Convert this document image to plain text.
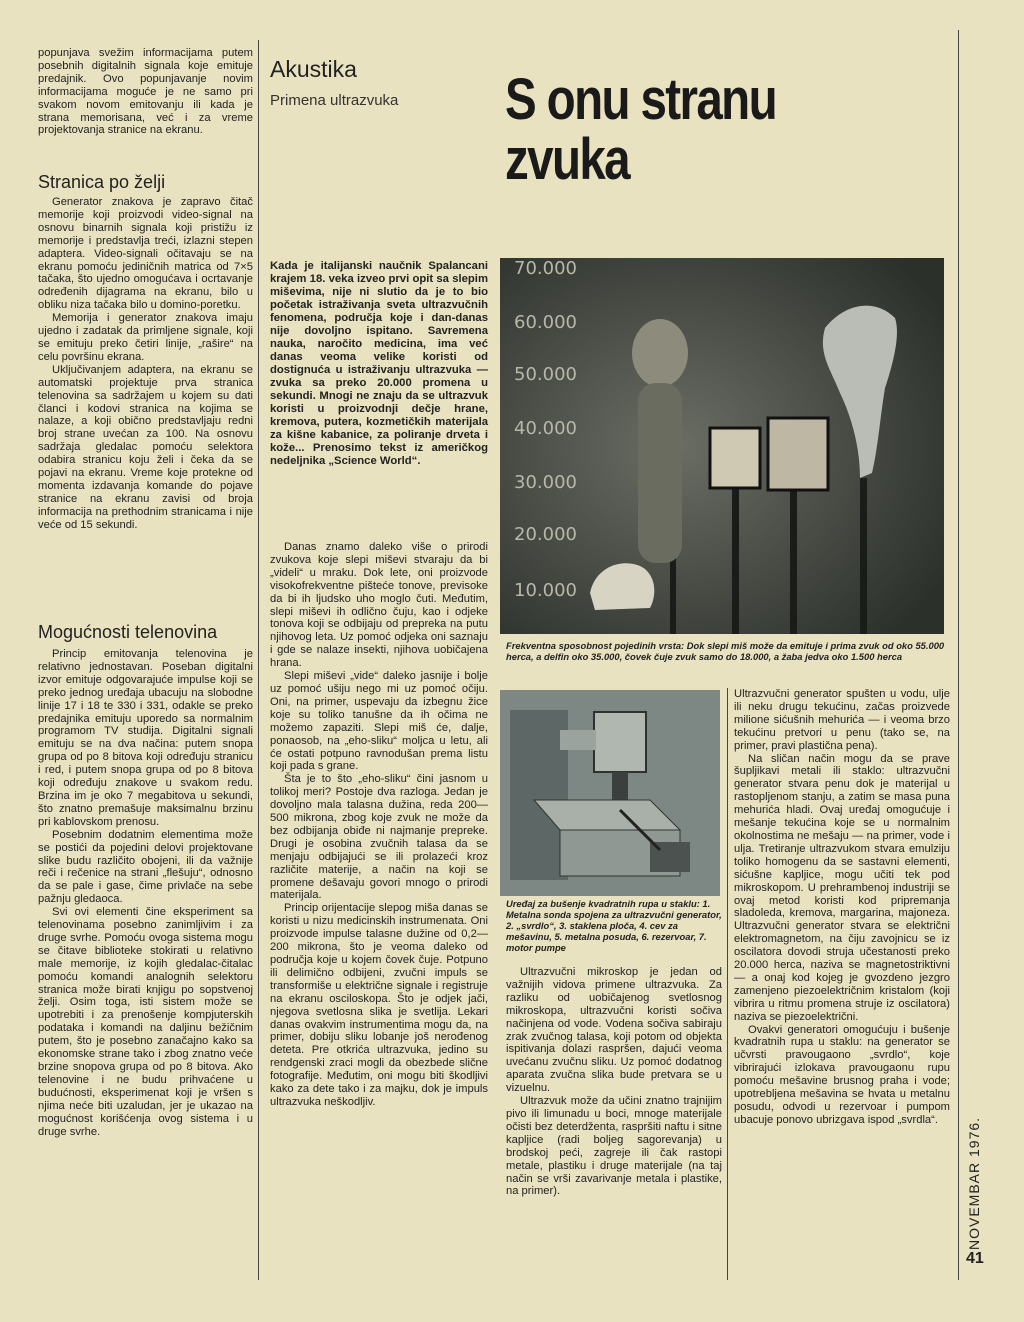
popunjava svežim informacijama putem posebnih digitalnih signala koje emituje predajnik. Ovo popunjavanje novim informacijama moguće je ne samo pri svakom novom emitovanju ili kada je strana memorisana, već i za vreme projektovanja stranice na ekranu.

Stranica po želji

Generator znakova je zapravo čitač memorije koji proizvodi video-signal na osnovu binarnih signala koji pristižu iz memorije i predstavlja treći, izlazni stepen adaptera. Video-signali očitavaju se na ekranu pomoću jediničnih matrica od 7×5 tačaka, što ujedno omogućava i ocrtavanje određenih dijagrama na ekranu, bilo u obliku niza tačaka bilo u domino-poretku.

Memorija i generator znakova imaju ujedno i zadatak da primljene signale, koji se emituju preko četiri linije, „raširе“ na celu površinu ekrana.

Uključivanjem adaptera, na ekranu se automatski projektuje prva stranica telenovina sa sadržajem u kojem su dati članci i kodovi stranica na kojima se nalaze, a koji obično predstavljaju redni broj strane uvećan za 100. Na osnovu sadržaja gledalac pomoću selektora odabira stranicu koju želi i čeka da se pojavi na ekranu. Vreme koje protekne od momenta izdavanja komande do pojave stranice na ekranu zavisi od broja informacija na prethodnim stranicama i nije veće od 15 sekundi.

Mogućnosti telenovina

Princip emitovanja telenovina je relativno jednostavan. Poseban digitalni izvor emituje odgovarajuće impulse koji se preko jednog uređaja ubacuju na slobodne linije 17 i 18 te 330 i 331, odakle se preko predajnika emituju uporedo sa normalnim programom TV studija. Digitalni signali emituju se na dva načina: putem snopa grupa od po 8 bitova koji određuju stranicu i red, i putem snopa grupa od po 8 bitova koji određuju znakove u svakom redu. Brzina im je oko 7 megabitova u sekundi, što znatno premašuje maksimalnu brzinu pri kablovskom prenosu.

Posebnim dodatnim elementima može se postići da pojedini delovi projektovane slike budu različito obojeni, ili da važnije reči i rečenice na strani „flešuju“, odnosno da se pale i gase, čime privlače na sebe pažnju gledaoca.

Svi ovi elementi čine eksperiment sa telenovinama posebno zanimljivim i za druge svrhe. Pomoću ovoga sistema mogu se čitave biblioteke stokirati u relativno male memorije, iz kojih gledalac-čitalac pomoću komandi analognih selektoru stranica može birati knjigu po sopstvenoj želji. Osim toga, isti sistem može se upotrebiti i za prenošenje kompjuterskih podataka i komandi na daljinu bežičnim putem, što je posebno zanačajno kako sa ekonomske strane tako i zbog znatno veće brzine snopova grupa od po 8 bitova. Ako telenovine i ne budu prihvaćene u budućnosti, eksperimenat koji je vršen s njima neće biti uzaludan, jer je ukazao na mogućnost korišćenja ovog sistema i u druge svrhe.

Akustika
Primena ultrazvuka S onu stranu
zvuka
Kada je italijanski naučnik Spalancani krajem 18. veka izveo prvi opit sa slepim miševima, nije ni slutio da je to bio početak istraživanja sveta ultrazvučnih fenomena, područja koje i dan-danas nije dovoljno ispitano. Savremena nauka, naročito medicina, ima već danas veoma velike koristi od dostignuća u istraživanju ultrazvuka — zvuka sa preko 20.000 promena u sekundi. Mnogi ne znaju da se ultrazvuk koristi u proizvodnji dečje hrane, kremova, putera, kozmetičkih materijala za kišne kabanice, za poliranje drveta i kože... Prenosimo tekst iz američkog nedeljnika „Science World“.

Danas znamo daleko više o prirodi zvukova koje slepi miševi stvaraju da bi „videli“ u mraku. Dok lete, oni proizvode visokofrekventne pištеće tonove, previsoke da bi ih ljudsko uho moglo čuti. Međutim, slepi miševi ih odlično čuju, kao i odjeke tonova koji se odbijaju od prepreka na putu njihovog leta. Uz pomoć odjeka oni saznaju i gde se nalaze insekti, njihova uobičajena hrana.

Slepi miševi „vide“ daleko jasnije i bolje uz pomoć ušiju nego mi uz pomoć očiju. Oni, na primer, uspevaju da izbegnu žice koje su toliko tanušne da ih očima ne možemo zapaziti. Slepi miš će, dalje, ponaosob, na „eho-sliku“ moljca u letu, ali će ostati potpuno ravnodušan prema listu koji pada s grane.

Šta je to što „eho-sliku“ čini jasnom u tolikoj meri? Postoje dva razloga. Jedan je dovoljno mala talasna dužina, reda 200—500 mikrona, zbog koje zvuk ne može da bez odbijanja obiđe ni najmanje prepreke. Drugi je osobina zvučnih talasa da se menjaju odbijajući se ili prolazeći kroz različite materije, a način na koji se promene dešavaju govori mnogo o prirodi materijala.

Princip orijentacije slepog miša danas se koristi u nizu medicinskih instrumenata. Oni proizvode impulse talasne dužine od 0,2—200 mikrona, što je veoma daleko od područja koje u kojem čovek čuje. Potpuno ili delimično odbijeni, zvučni impuls se transformiše u električne signale i registruje na ekranu osciloskopa. Što je odjek jači, njegova svetlosna slika je svetlija. Lekari danas ovakvim instrumentima mogu da, na primer, dobiju sliku lobanje još nerođenog deteta. Pre otkrića ultrazvuka, jedino su rendgenski zraci mogli da obezbede slične fotografije. Međutim, oni mogu biti škodljivi kako za dete tako i za majku, dok je impuls ultrazvuka neškodljiv.

70.000
60.000
50.000
40.000
30.000
20.000
10.000
Frekventna sposobnost pojedinih vrsta: Dok slepi miš može da emituje i prima zvuk od oko 55.000 herca, a delfin oko 35.000, čovek čuje zvuk samo do 18.000, a žaba jedva oko 1.500 herca
Uređaj za bušenje kvadratnih rupa u staklu: 1. Metalna sonda spojena za ultrazvučni generator, 2. „svrdlo“, 3. staklena ploča, 4. cev za mešavinu, 5. metalna posuda, 6. rezervoar, 7. motor pumpe

Ultrazvučni mikroskop je jedan od važnijih vidova primene ultrazvuka. Za razliku od uobičajenog svetlosnog mikroskopa, ultrazvučni koristi sočiva načinjena od vode. Vodena sočiva sabiraju zrak zvučnog talasa, koji potom od objekta ispitivanja dolazi raspršen, dajući veoma uvećanu zvučnu sliku. Uz pomoć dodatnog aparata zvučna slika bude pretvara se u vizuelnu.

Ultrazvuk može da učini znatno trajnijim pivo ili limunadu u boci, mnoge materijale očisti bez deterdženta, raspršiti naftu i sitne kapljice (radi boljeg sagorevanja) u brodskoj peći, zagreje ili čak rastopi metale, plastiku i druge materijale (na taj način se vrši zavarivanje metala i plastike, na primer).

Ultrazvučni generator spušten u vodu, ulje ili neku drugu tekućinu, začas proizvede milione sićušnih mehurića — i veoma brzo tekućinu pretvori u penu (tako se, na primer, pravi plastična pena).

Na sličan način mogu da se prave šupljikavi metali ili staklo: ultrazvučni generator stvara penu dok je materijal u rastopljenom stanju, a zatim se masa puna mehurića hladi. Ovaj uređaj omogućuje i mešanje tekućina koje se u normalnim okolnostima ne mešaju — na primer, vode i ulja. Tretiranje ultrazvukom stvara emulziju toliko homogenu da se sastavni elementi, sićušne kapljice, mogu učiti tek pod mikroskopom. U prehrambenoj industriji se ovaj metod koristi kod pripremanja sladoleda, kremova, margarina, majoneza. Ultrazvučni generator stvara se električni elektromagnetom, na čiju zavojnicu se iz oscilatora dovodi struja učestanosti preko 20.000 herca, naziva se magnetostriktivni — a onaj kod kojeg je gvozdeno jezgro zamenjeno piezoelektričnim kristalom (koji vibrira u ritmu promena struje iz oscilatora) naziva se piezoelektrični.

Ovakvi generatori omogućuju i bušenje kvadratnih rupa u staklu: na generator se učvrsti pravougaono „svrdlo“, koje vibrirajući izlokava pravougaonu rupu pomoću mešavine brusnog praha i vode; upotrebljena mešavina se hvata u metalnu posudu, odvodi u rezervoar i pumpom ubacuje ponovo ubrizgava ispod „svrdla“.	NOVEMBAR 1976.
41
